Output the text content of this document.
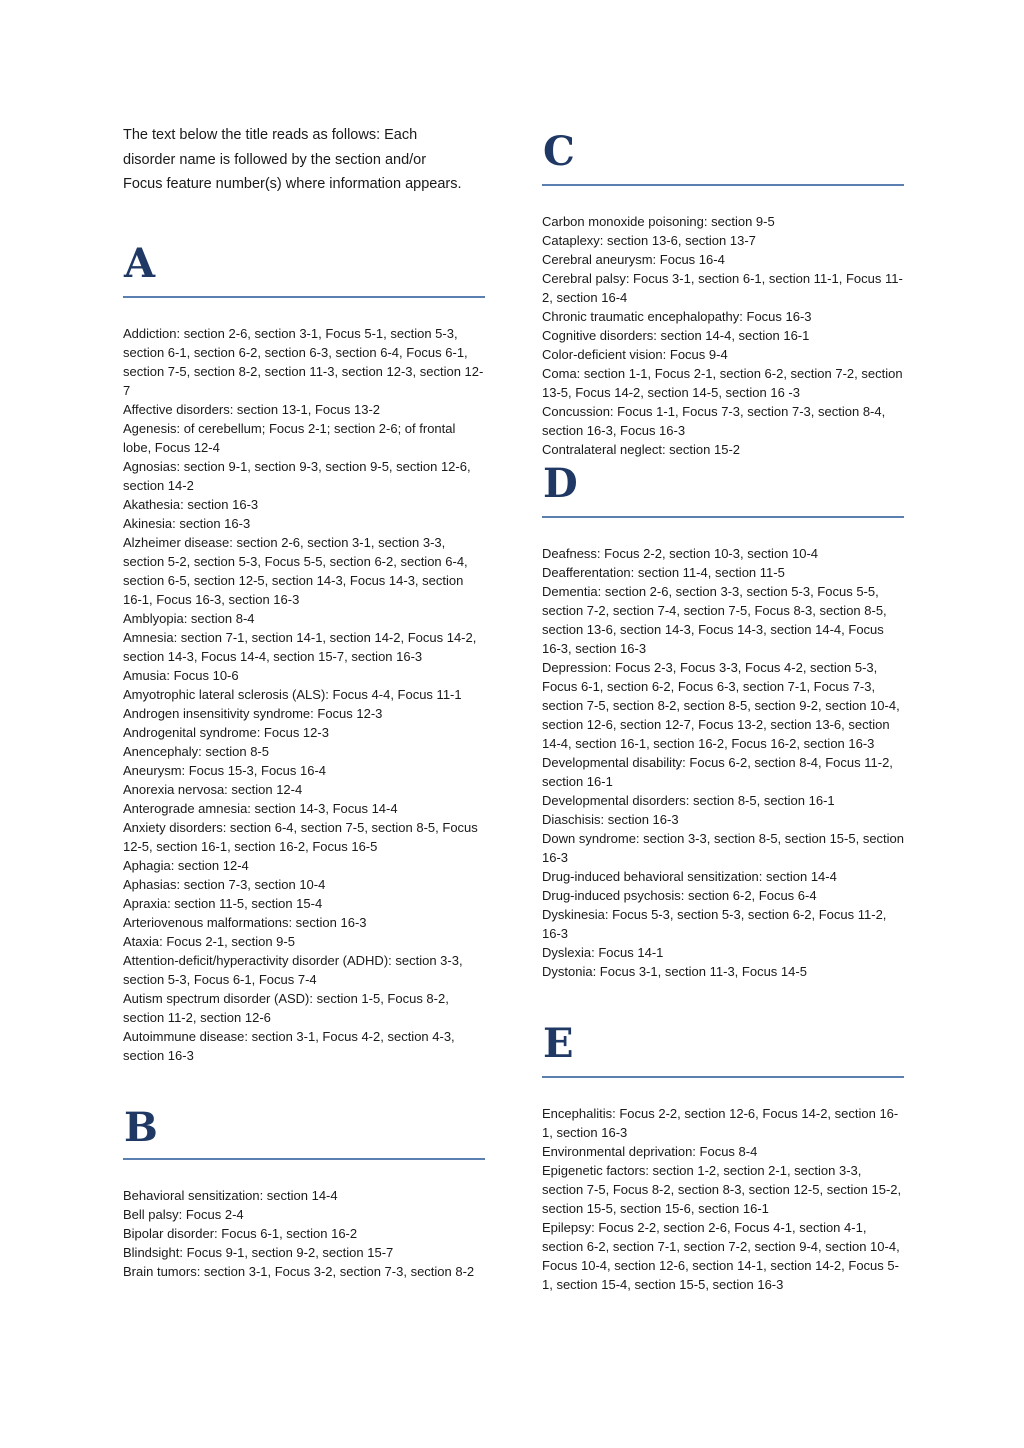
The text below the title reads as follows: Each disorder name is followed by the section and/or Focus feature number(s) where information appears.

A
Addiction: section 2-6, section 3-1, Focus 5-1, section 5-3, section 6-1, section 6-2, section 6-3, section 6-4, Focus 6-1, section 7-5, section 8-2, section 11-3, section 12-3, section 12-7
Affective disorders: section 13-1, Focus 13-2
Agenesis: of cerebellum; Focus 2-1; section 2-6; of frontal lobe, Focus 12-4
Agnosias: section 9-1, section 9-3, section 9-5, section 12-6, section 14-2
Akathesia: section 16-3
Akinesia: section 16-3
Alzheimer disease: section 2-6, section 3-1, section 3-3, section 5-2, section 5-3, Focus 5-5, section 6-2, section 6-4, section 6-5, section 12-5, section 14-3, Focus 14-3, section 16-1, Focus 16-3, section 16-3
Amblyopia: section 8-4
Amnesia: section 7-1, section 14-1, section 14-2, Focus 14-2, section 14-3, Focus 14-4, section 15-7, section 16-3
Amusia: Focus 10-6
Amyotrophic lateral sclerosis (ALS): Focus 4-4, Focus 11-1
Androgen insensitivity syndrome: Focus 12-3
Androgenital syndrome: Focus 12-3
Anencephaly: section 8-5
Aneurysm: Focus 15-3, Focus 16-4
Anorexia nervosa: section 12-4
Anterograde amnesia: section 14-3, Focus 14-4
Anxiety disorders: section 6-4, section 7-5, section 8-5, Focus 12-5, section 16-1, section 16-2, Focus 16-5
Aphagia: section 12-4
Aphasias: section 7-3, section 10-4
Apraxia: section 11-5, section 15-4
Arteriovenous malformations: section 16-3
Ataxia: Focus 2-1, section 9-5
Attention-deficit/hyperactivity disorder (ADHD): section 3-3, section 5-3, Focus 6-1, Focus 7-4
Autism spectrum disorder (ASD): section 1-5, Focus 8-2, section 11-2, section 12-6
Autoimmune disease: section 3-1, Focus 4-2, section 4-3, section 16-3
B
Behavioral sensitization: section 14-4
Bell palsy: Focus 2-4
Bipolar disorder: Focus 6-1, section 16-2
Blindsight: Focus 9-1, section 9-2, section 15-7
Brain tumors: section 3-1, Focus 3-2, section 7-3, section 8-2
C
Carbon monoxide poisoning: section 9-5
Cataplexy: section 13-6, section 13-7
Cerebral aneurysm: Focus 16-4
Cerebral palsy: Focus 3-1, section 6-1, section 11-1, Focus 11-2, section 16-4
Chronic traumatic encephalopathy: Focus 16-3
Cognitive disorders: section 14-4, section 16-1
Color-deficient vision: Focus 9-4
Coma: section 1-1, Focus 2-1, section 6-2, section 7-2, section 13-5, Focus 14-2, section 14-5, section 16 -3
Concussion: Focus 1-1, Focus 7-3, section 7-3, section 8-4, section 16-3, Focus 16-3
Contralateral neglect: section 15-2
D
Deafness: Focus 2-2, section 10-3, section 10-4
Deafferentation: section 11-4, section 11-5
Dementia: section 2-6, section 3-3, section 5-3, Focus 5-5, section 7-2, section 7-4, section 7-5, Focus 8-3, section 8-5, section 13-6, section 14-3, Focus 14-3, section 14-4, Focus 16-3, section 16-3
Depression: Focus 2-3, Focus 3-3, Focus 4-2, section 5-3, Focus 6-1, section 6-2, Focus 6-3, section 7-1, Focus 7-3, section 7-5, section 8-2, section 8-5, section 9-2, section 10-4, section 12-6, section 12-7, Focus 13-2, section 13-6, section 14-4, section 16-1, section 16-2, Focus 16-2, section 16-3
Developmental disability: Focus 6-2, section 8-4, Focus 11-2, section 16-1
Developmental disorders: section 8-5, section 16-1
Diaschisis: section 16-3
Down syndrome: section 3-3, section 8-5, section 15-5, section 16-3
Drug-induced behavioral sensitization: section 14-4
Drug-induced psychosis: section 6-2, Focus 6-4
Dyskinesia: Focus 5-3, section 5-3, section 6-2, Focus 11-2, 16-3
Dyslexia: Focus 14-1
Dystonia: Focus 3-1, section 11-3, Focus 14-5
E
Encephalitis: Focus 2-2, section 12-6, Focus 14-2, section 16-1, section 16-3
Environmental deprivation: Focus 8-4
Epigenetic factors: section 1-2, section 2-1, section 3-3, section 7-5, Focus 8-2, section 8-3, section 12-5, section 15-2, section 15-5, section 15-6, section 16-1
Epilepsy: Focus 2-2, section 2-6, Focus 4-1, section 4-1, section 6-2, section 7-1, section 7-2, section 9-4, section 10-4, Focus 10-4, section 12-6, section 14-1, section 14-2, Focus 5-1, section 15-4, section 15-5, section 16-3
